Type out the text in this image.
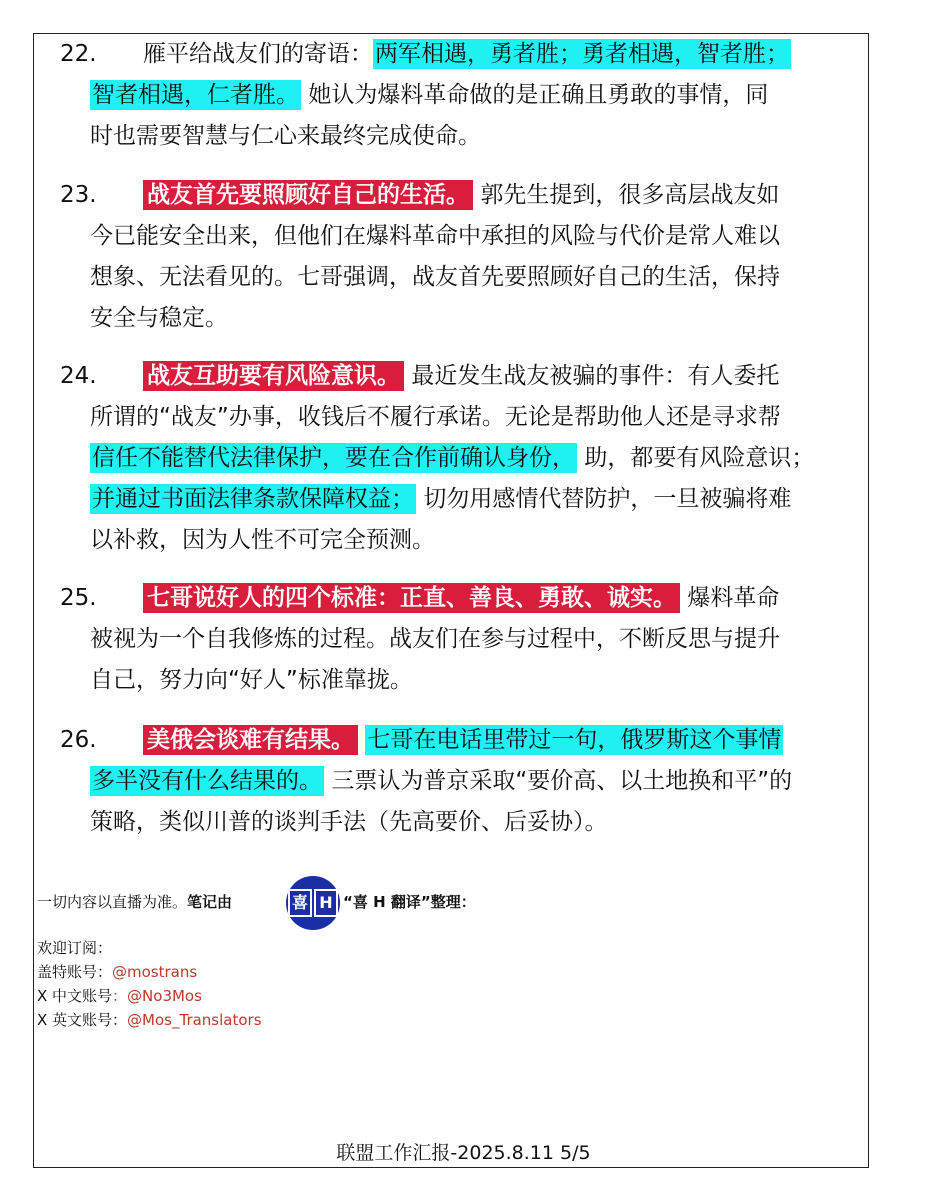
22. 雁平给战友们的寄语：两军相遇，勇者胜；勇者相遇，智者胜；
智者相遇，仁者胜。 她认为爆料革命做的是正确且勇敢的事情，同
时也需要智慧与仁心来最终完成使命。
23. 战友首先要照顾好自己的生活。 郭先生提到，很多高层战友如
今已能安全出来，但他们在爆料革命中承担的风险与代价是常人难以
想象、无法看见的。七哥强调，战友首先要照顾好自己的生活，保持
安全与稳定。
24. 战友互助要有风险意识。 最近发生战友被骗的事件：有人委托
所谓的“战友”办事，收钱后不履行承诺。无论是帮助他人还是寻求帮
信任不能替代法律保护，要在合作前确认身份， 助，都要有风险意识；
并通过书面法律条款保障权益； 切勿用感情代替防护，一旦被骗将难
以补救，因为人性不可完全预测。
25. 七哥说好人的四个标准：正直、善良、勇敢、诚实。 爆料革命
被视为一个自我修炼的过程。战友们在参与过程中，不断反思与提升
自己，努力向“好人”标准靠拢。
26. 美俄会谈难有结果。 七哥在电话里带过一句，俄罗斯这个事情
多半没有什么结果的。 三票认为普京采取“要价高、以土地换和平”的
策略，类似川普的谈判手法（先高要价、后妥协）。
一切内容以直播为准。笔记由	喜 H “喜 H 翻译”整理：
欢迎订阅：
盖特账号：@mostrans
X 中文账号：@No3Mos
X 英文账号：@Mos_Translators
联盟工作汇报-2025.8.11 5/5
